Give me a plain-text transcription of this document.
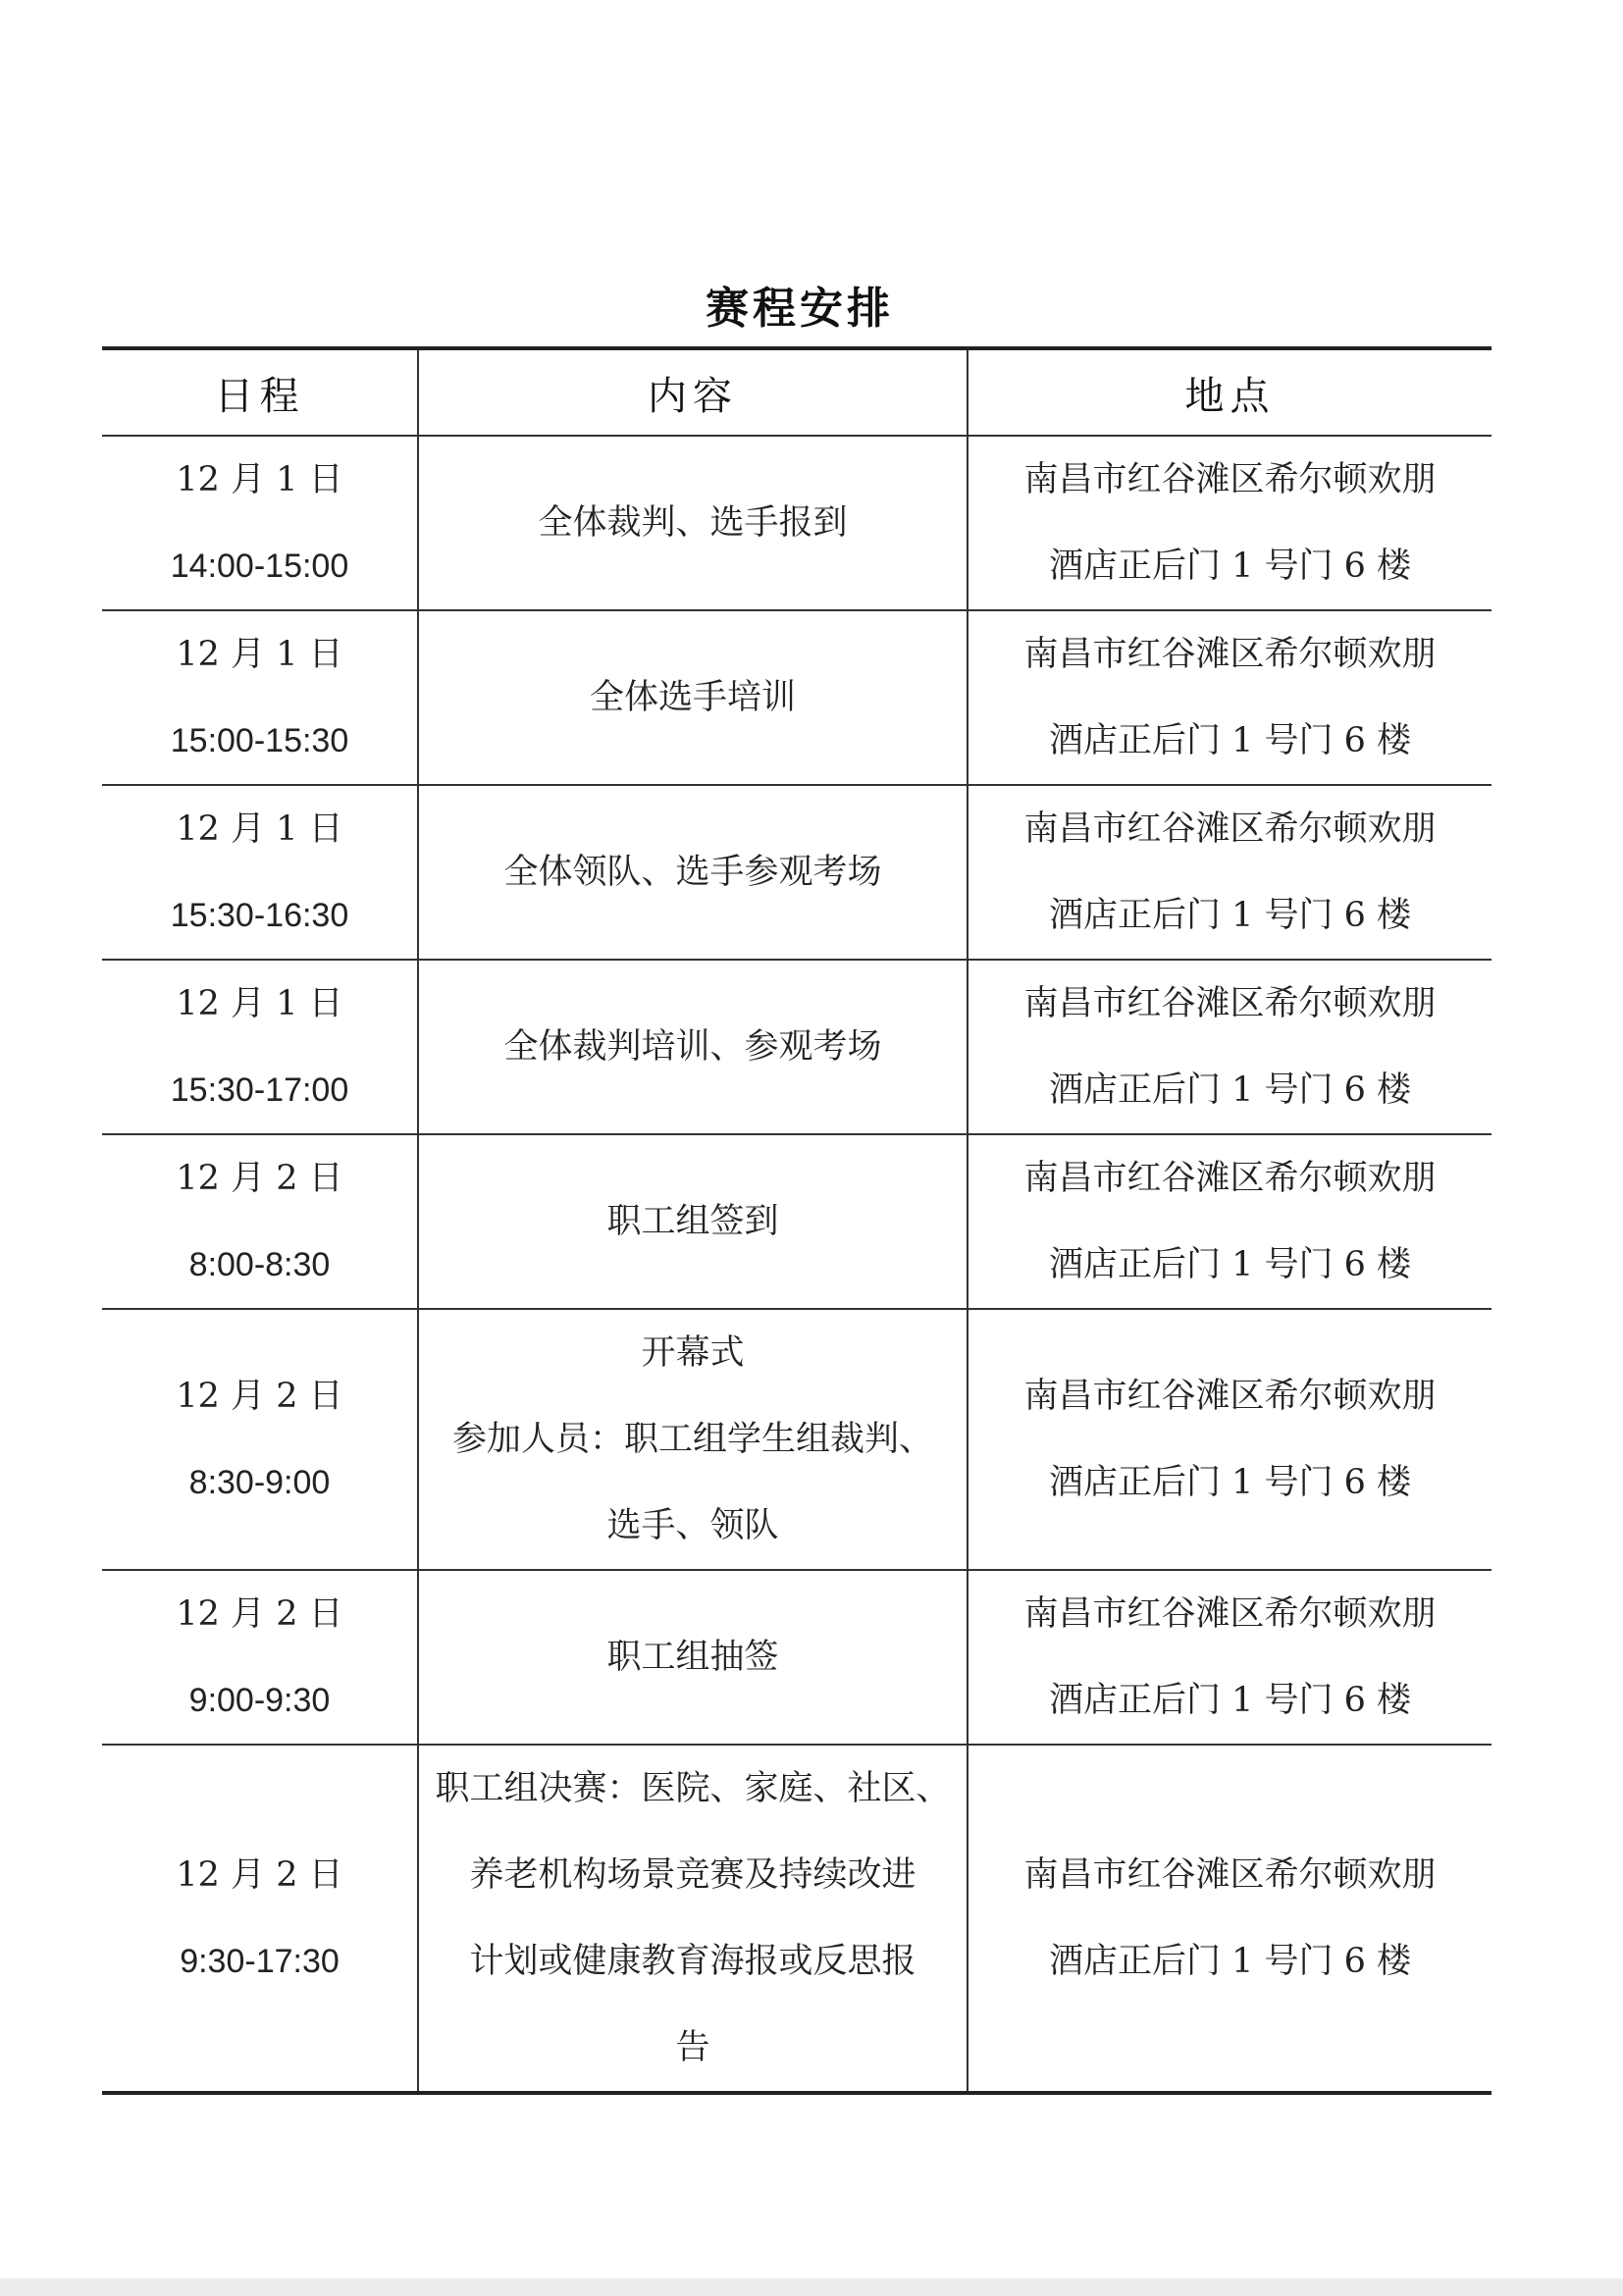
赛程安排
日程	内容	地点

12 月 1 日
14:00-15:00	全体裁判、选手报到	南昌市红谷滩区希尔顿欢朋
酒店正后门 1 号门 6 楼

12 月 1 日
15:00-15:30	全体选手培训	南昌市红谷滩区希尔顿欢朋
酒店正后门 1 号门 6 楼

12 月 1 日
15:30-16:30	全体领队、选手参观考场	南昌市红谷滩区希尔顿欢朋
酒店正后门 1 号门 6 楼

12 月 1 日
15:30-17:00	全体裁判培训、参观考场	南昌市红谷滩区希尔顿欢朋
酒店正后门 1 号门 6 楼

12 月 2 日
8:00-8:30	职工组签到	南昌市红谷滩区希尔顿欢朋
酒店正后门 1 号门 6 楼

12 月 2 日
8:30-9:00	开幕式
参加人员：职工组学生组裁判、
选手、领队	南昌市红谷滩区希尔顿欢朋
酒店正后门 1 号门 6 楼

12 月 2 日
9:00-9:30	职工组抽签	南昌市红谷滩区希尔顿欢朋
酒店正后门 1 号门 6 楼

12 月 2 日
9:30-17:30	职工组决赛：医院、家庭、社区、
养老机构场景竞赛及持续改进
计划或健康教育海报或反思报
告	南昌市红谷滩区希尔顿欢朋
酒店正后门 1 号门 6 楼
